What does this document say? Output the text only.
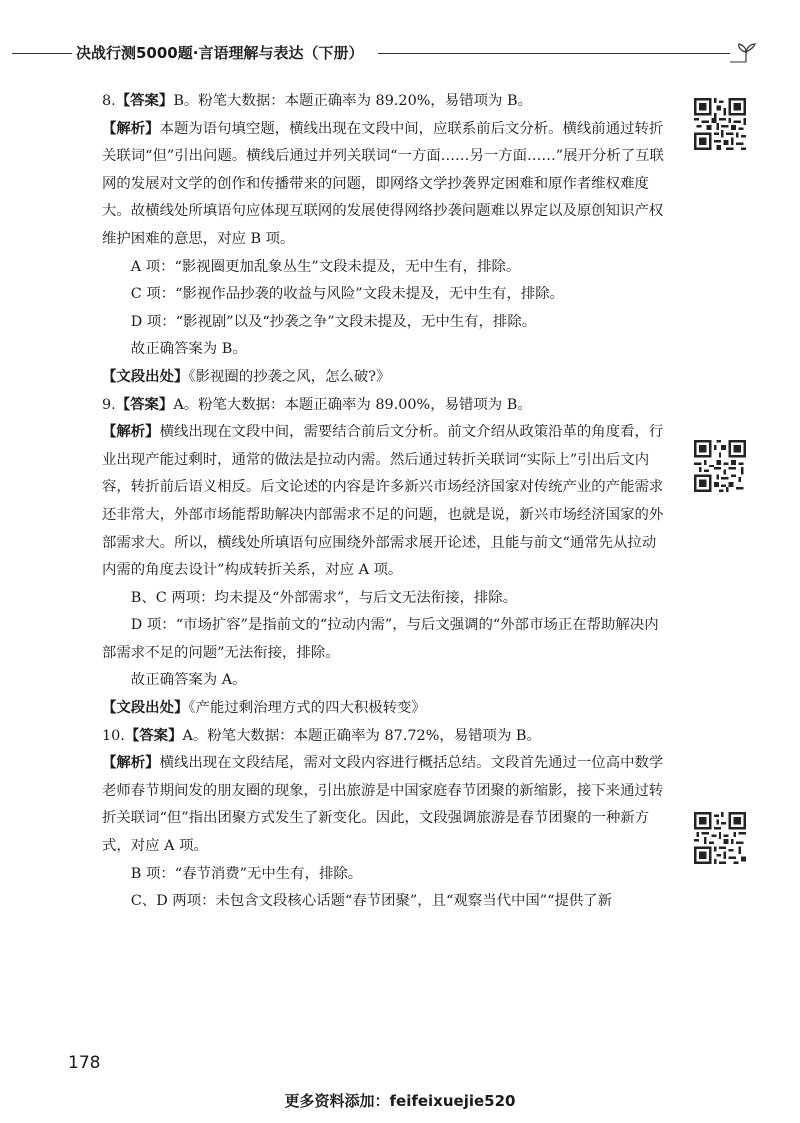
决战行测5000题·言语理解与表达（下册）

8.【答案】B。粉笔大数据：本题正确率为 89.20%，易错项为 B。

【解析】本题为语句填空题，横线出现在文段中间，应联系前后文分析。横线前通过转折关联词“但”引出问题。横线后通过并列关联词“一方面……另一方面……”展开分析了互联网的发展对文学的创作和传播带来的问题，即网络文学抄袭界定困难和原作者维权难度大。故横线处所填语句应体现互联网的发展使得网络抄袭问题难以界定以及原创知识产权维护困难的意思，对应 B 项。

A 项：“影视圈更加乱象丛生”文段未提及，无中生有，排除。

C 项：“影视作品抄袭的收益与风险”文段未提及，无中生有，排除。

D 项：“影视剧”以及“抄袭之争”文段未提及，无中生有，排除。

故正确答案为 B。

【文段出处】《影视圈的抄袭之风，怎么破?》

9.【答案】A。粉笔大数据：本题正确率为 89.00%，易错项为 B。

【解析】横线出现在文段中间，需要结合前后文分析。前文介绍从政策沿革的角度看，行业出现产能过剩时，通常的做法是拉动内需。然后通过转折关联词“实际上”引出后文内容，转折前后语义相反。后文论述的内容是许多新兴市场经济国家对传统产业的产能需求还非常大，外部市场能帮助解决内部需求不足的问题，也就是说，新兴市场经济国家的外部需求大。所以，横线处所填语句应围绕外部需求展开论述，且能与前文“通常先从拉动内需的角度去设计”构成转折关系，对应 A 项。

B、C 两项：均未提及“外部需求”，与后文无法衔接，排除。

D 项：“市场扩容”是指前文的“拉动内需”，与后文强调的“外部市场正在帮助解决内部需求不足的问题”无法衔接，排除。

故正确答案为 A。

【文段出处】《产能过剩治理方式的四大积极转变》

10.【答案】A。粉笔大数据：本题正确率为 87.72%，易错项为 B。

【解析】横线出现在文段结尾，需对文段内容进行概括总结。文段首先通过一位高中数学老师春节期间发的朋友圈的现象，引出旅游是中国家庭春节团聚的新缩影，接下来通过转折关联词“但”指出团聚方式发生了新变化。因此，文段强调旅游是春节团聚的一种新方式，对应 A 项。

B 项：“春节消费”无中生有，排除。

C、D 两项：未包含文段核心话题“春节团聚”，且“观察当代中国”“提供了新

178
更多资料添加：feifeixuejie520
